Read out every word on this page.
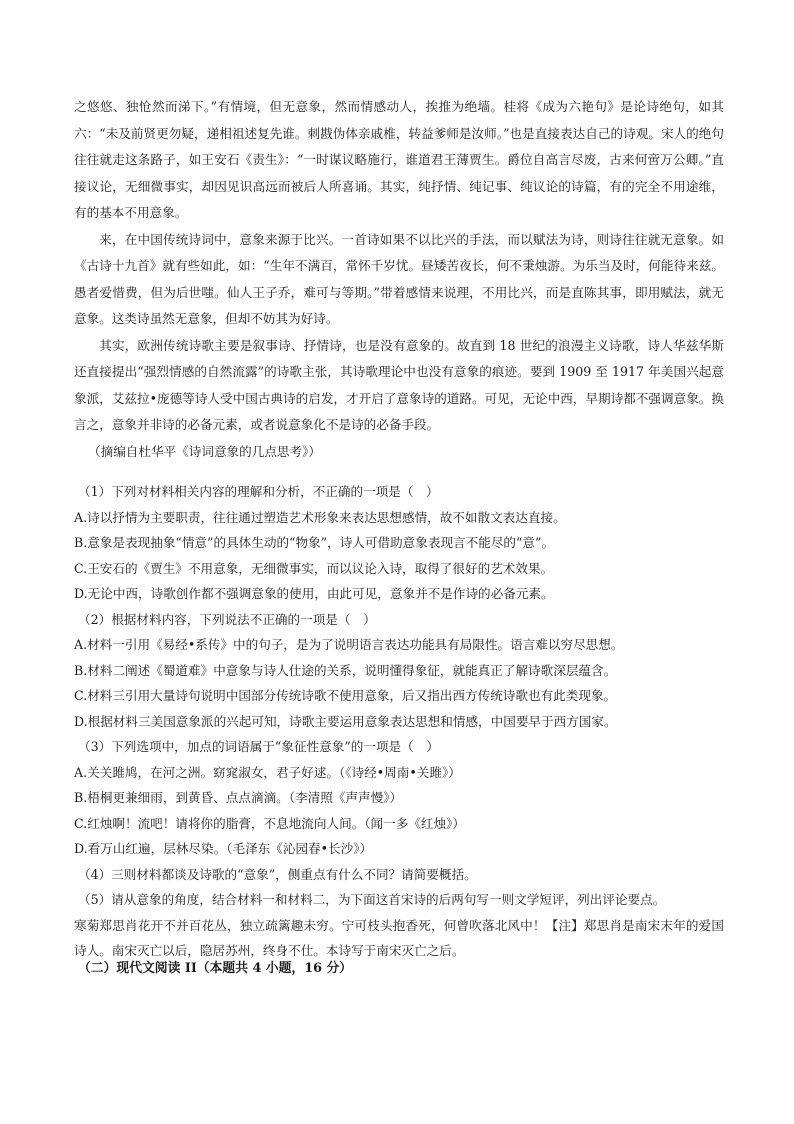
之悠悠、独怆然而涕下。”有情境，但无意象，然而情感动人，挨推为绝墙。桂将《成为六艳句》是论诗绝句，如其六：“未及前贤更勿疑，递相祖述复先谁。刺戡伪体亲戚椎，转益爹师是汝师。”也是直接表达自己的诗观。宋人的绝句往往就走这条路子，如王安石《责生》：“一时谋议略施行，谁道君王薄贾生。爵位自高言尽废，古来何啻万公卿。”直接议论，无细微事实，却因见识高远而被后人所喜诵。其实，纯抒情、纯记事、纯议论的诗篇，有的完全不用途维，有的基本不用意象。

来，在中国传统诗词中，意象来源于比兴。一首诗如果不以比兴的手法，而以赋法为诗，则诗往往就无意象。如《古诗十九首》就有些如此，如：“生年不满百，常怀千岁忧。昼矮苦夜长，何不秉烛游。为乐当及时，何能待来兹。愚者爱惜费，但为后世嗤。仙人王子乔，难可与等期。”带着感情来说理，不用比兴，而是直陈其事，即用赋法，就无意象。这类诗虽然无意象，但却不妨其为好诗。

其实，欧洲传统诗歌主要是叙事诗、抒情诗，也是没有意象的。故直到 18 世纪的浪漫主义诗歌，诗人华兹华斯还直接提出“强烈情感的自然流露”的诗歌主张，其诗歌理论中也没有意象的痕迹。要到 1909 至 1917 年美国兴起意象派，艾兹拉•庞德等诗人受中国古典诗的启发，才开启了意象诗的道路。可见，无论中西，早期诗都不强调意象。换言之，意象并非诗的必备元素，或者说意象化不是诗的必备手段。

（摘编自杜华平《诗词意象的几点思考》）

（1）下列对材料相关内容的理解和分析，不正确的一项是（　）

A.诗以抒情为主要职责，往往通过塑造艺术形象来表达思想感情，故不如散文表达直接。

B.意象是表现抽象“情意”的具体生动的“物象”，诗人可借助意象表现言不能尽的“意”。

C.王安石的《贾生》不用意象，无细微事实，而以议论入诗，取得了很好的艺术效果。

D.无论中西，诗歌创作都不强调意象的使用，由此可见，意象并不是作诗的必备元素。

（2）根据材料内容，下列说法不正确的一项是（　）

A.材料一引用《易经•系传》中的句子，是为了说明语言表达功能具有局限性。语言难以穷尽思想。

B.材料二阐述《蜀道难》中意象与诗人仕途的关系，说明懂得象征，就能真正了解诗歌深层蕴含。

C.材料三引用大量诗句说明中国部分传统诗歌不使用意象，后又指出西方传统诗歌也有此类现象。

D.根据材料三美国意象派的兴起可知，诗歌主要运用意象表达思想和情感，中国要早于西方国家。

（3）下列选项中，加点的词语属于“象征性意象”的一项是（　）

A.关关雎鸠，在河之洲。窈窕淑女，君子好逑。（《诗经•周南•关雎》）

B.梧桐更兼细雨，到黄昏、点点滴滴。（李清照《声声慢》）

C.红烛啊！流吧！请将你的脂膏，不息地流向人间。（闻一多《红烛》）

D.看万山红遍，层林尽染。（毛泽东《沁园春•长沙》）

（4）三则材料都谈及诗歌的“意象”，侧重点有什么不同？请简要概括。

（5）请从意象的角度，结合材料一和材料二，为下面这首宋诗的后两句写一则文学短评，列出评论要点。

寒菊郑思肖花开不并百花丛，独立疏篱趣未穷。宁可枝头抱香死，何曾吹落北风中！【注】郑思肖是南宋末年的爱国诗人。南宋灭亡以后，隐居苏州，终身不仕。本诗写于南宋灭亡之后。

（二）现代文阅读 II（本题共 4 小题，16 分）
